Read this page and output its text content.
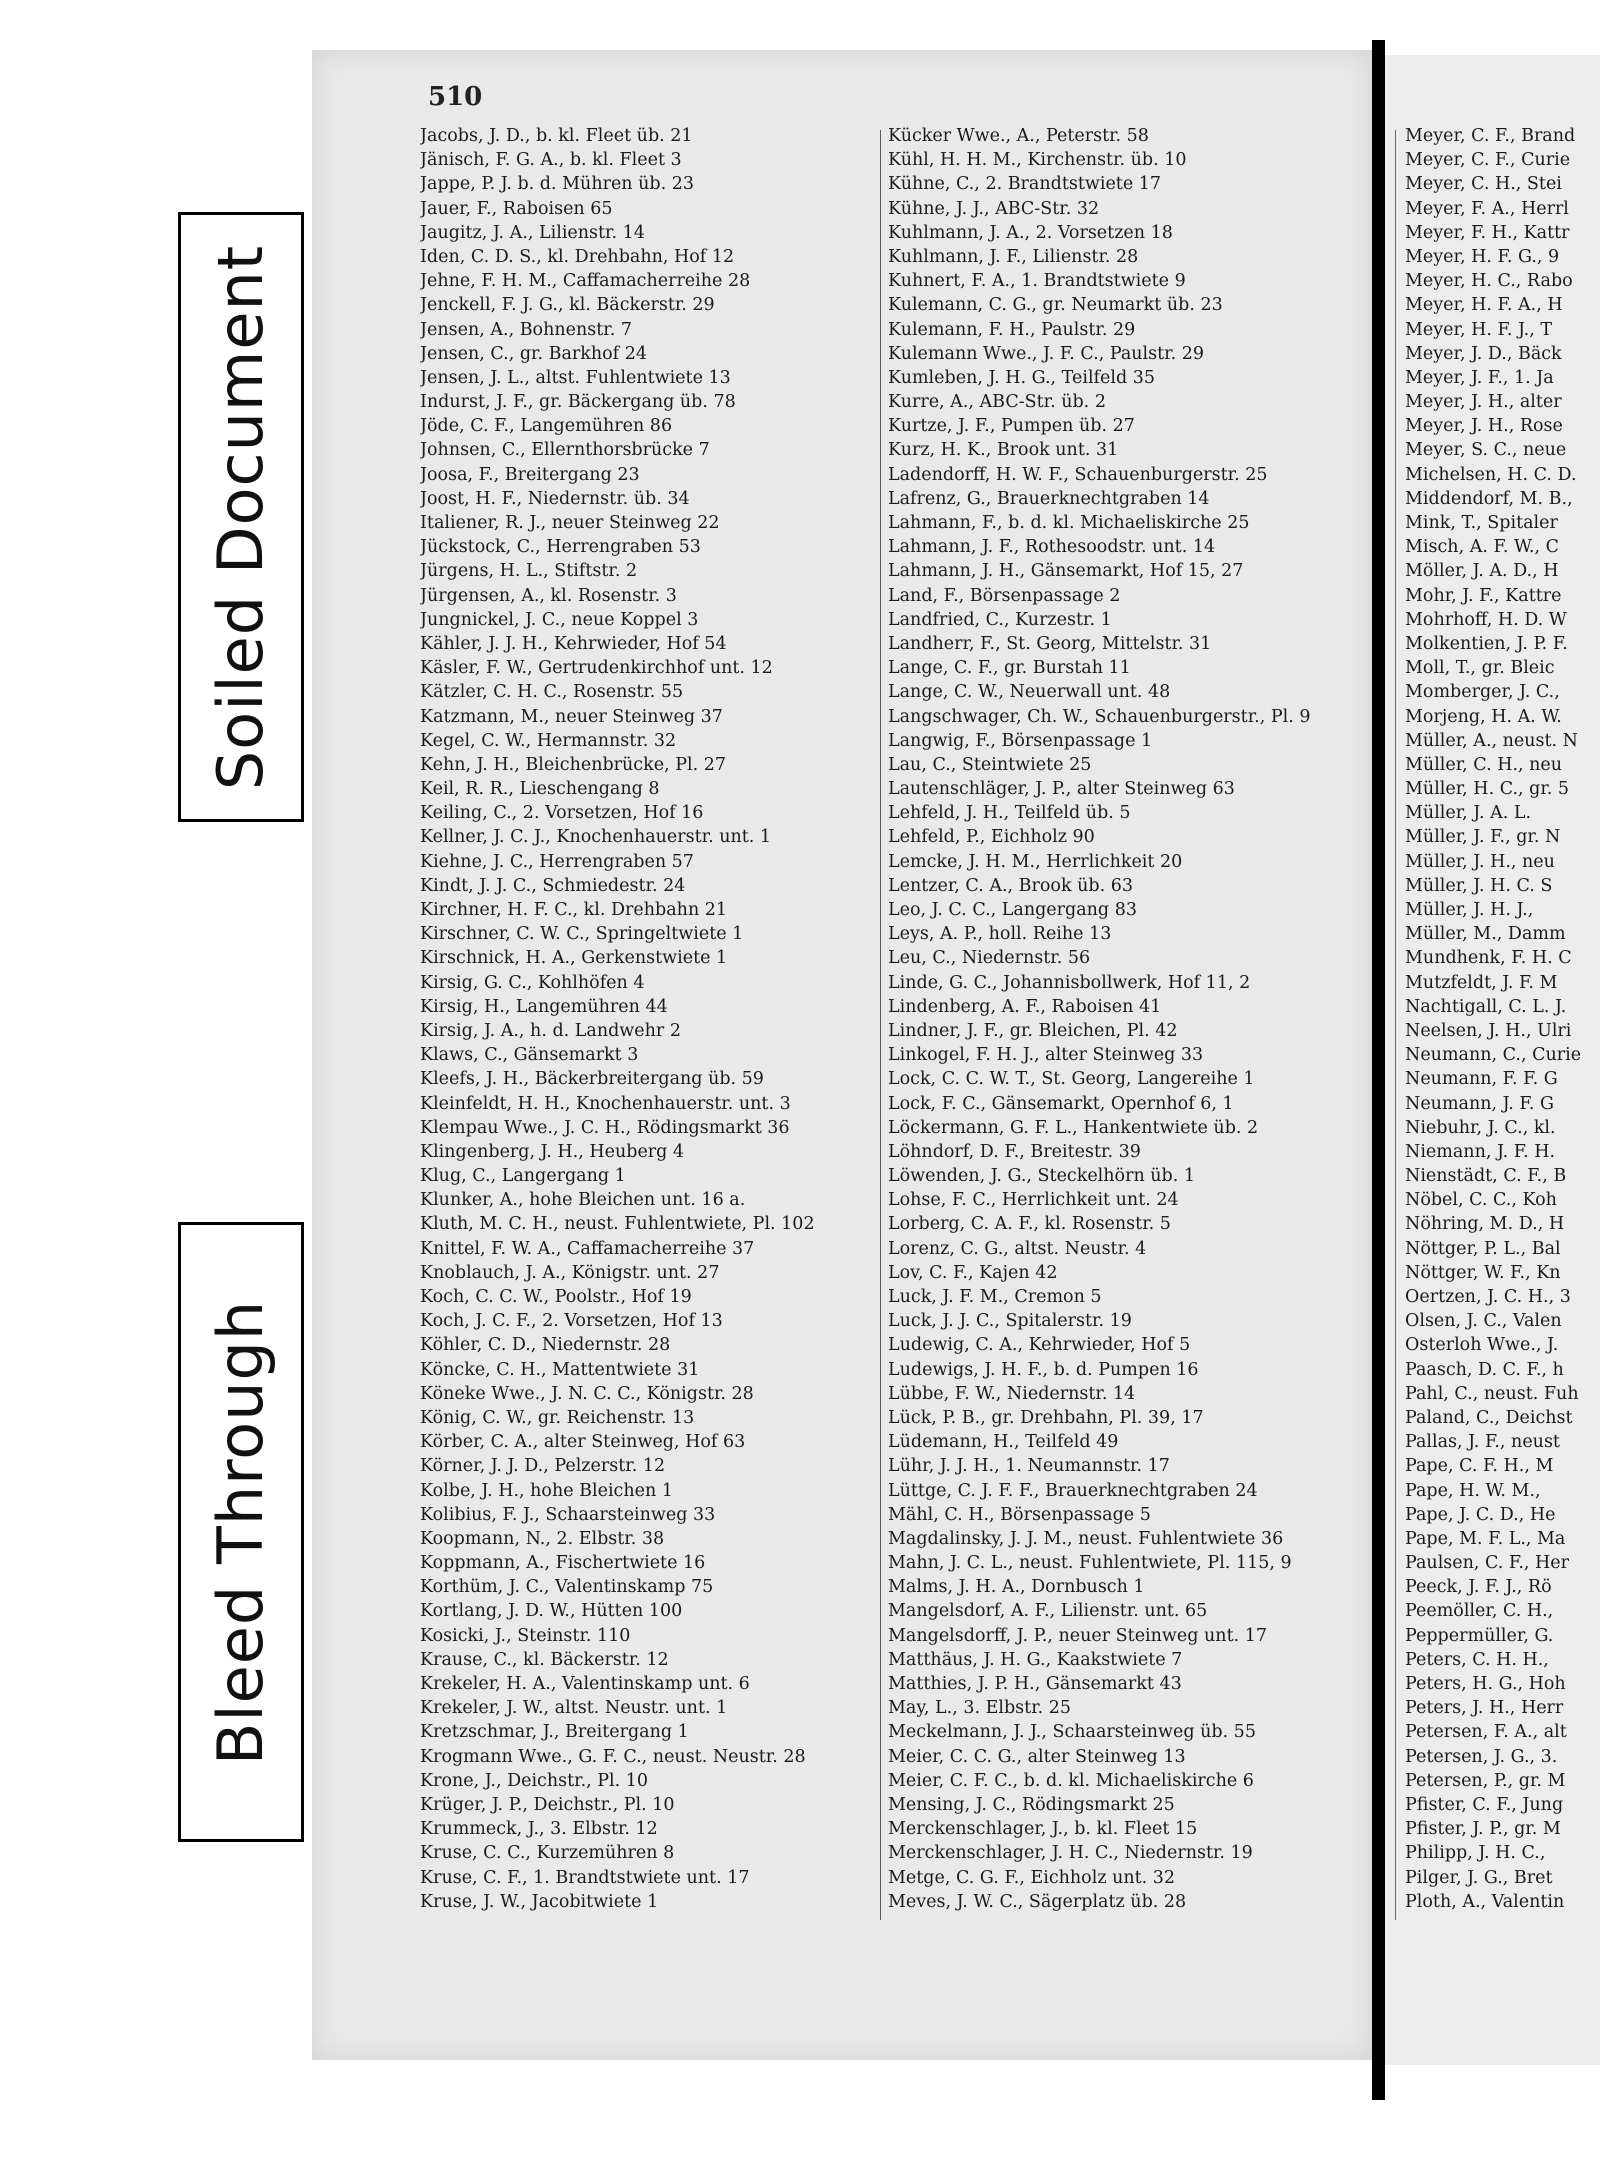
Soiled Document
Bleed Through
510
Jacobs, J. D., b. kl. Fleet üb. 21
Jänisch, F. G. A., b. kl. Fleet 3
Jappe, P. J. b. d. Mühren üb. 23
Jauer, F., Raboisen 65
Jaugitz, J. A., Lilienstr. 14
Iden, C. D. S., kl. Drehbahn, Hof 12
Jehne, F. H. M., Caffamacherreihe 28
Jenckell, F. J. G., kl. Bäckerstr. 29
Jensen, A., Bohnenstr. 7
Jensen, C., gr. Barkhof 24
Jensen, J. L., altst. Fuhlentwiete 13
Indurst, J. F., gr. Bäckergang üb. 78
Jöde, C. F., Langemühren 86
Johnsen, C., Ellernthorsbrücke 7
Joosa, F., Breitergang 23
Joost, H. F., Niedernstr. üb. 34
Italiener, R. J., neuer Steinweg 22
Jückstock, C., Herrengraben 53
Jürgens, H. L., Stiftstr. 2
Jürgensen, A., kl. Rosenstr. 3
Jungnickel, J. C., neue Koppel 3
Kähler, J. J. H., Kehrwieder, Hof 54
Käsler, F. W., Gertrudenkirchhof unt. 12
Kätzler, C. H. C., Rosenstr. 55
Katzmann, M., neuer Steinweg 37
Kegel, C. W., Hermannstr. 32
Kehn, J. H., Bleichenbrücke, Pl. 27
Keil, R. R., Lieschengang 8
Keiling, C., 2. Vorsetzen, Hof 16
Kellner, J. C. J., Knochenhauerstr. unt. 1
Kiehne, J. C., Herrengraben 57
Kindt, J. J. C., Schmiedestr. 24
Kirchner, H. F. C., kl. Drehbahn 21
Kirschner, C. W. C., Springeltwiete 1
Kirschnick, H. A., Gerkenstwiete 1
Kirsig, G. C., Kohlhöfen 4
Kirsig, H., Langemühren 44
Kirsig, J. A., h. d. Landwehr 2
Klaws, C., Gänsemarkt 3
Kleefs, J. H., Bäckerbreitergang üb. 59
Kleinfeldt, H. H., Knochenhauerstr. unt. 3
Klempau Wwe., J. C. H., Rödingsmarkt 36
Klingenberg, J. H., Heuberg 4
Klug, C., Langergang 1
Klunker, A., hohe Bleichen unt. 16 a.
Kluth, M. C. H., neust. Fuhlentwiete, Pl. 102
Knittel, F. W. A., Caffamacherreihe 37
Knoblauch, J. A., Königstr. unt. 27
Koch, C. C. W., Poolstr., Hof 19
Koch, J. C. F., 2. Vorsetzen, Hof 13
Köhler, C. D., Niedernstr. 28
Köncke, C. H., Mattentwiete 31
Köneke Wwe., J. N. C. C., Königstr. 28
König, C. W., gr. Reichenstr. 13
Körber, C. A., alter Steinweg, Hof 63
Körner, J. J. D., Pelzerstr. 12
Kolbe, J. H., hohe Bleichen 1
Kolibius, F. J., Schaarsteinweg 33
Koopmann, N., 2. Elbstr. 38
Koppmann, A., Fischertwiete 16
Korthüm, J. C., Valentinskamp 75
Kortlang, J. D. W., Hütten 100
Kosicki, J., Steinstr. 110
Krause, C., kl. Bäckerstr. 12
Krekeler, H. A., Valentinskamp unt. 6
Krekeler, J. W., altst. Neustr. unt. 1
Kretzschmar, J., Breitergang 1
Krogmann Wwe., G. F. C., neust. Neustr. 28
Krone, J., Deichstr., Pl. 10
Krüger, J. P., Deichstr., Pl. 10
Krummeck, J., 3. Elbstr. 12
Kruse, C. C., Kurzemühren 8
Kruse, C. F., 1. Brandtstwiete unt. 17
Kruse, J. W., Jacobitwiete 1
Kücker Wwe., A., Peterstr. 58
Kühl, H. H. M., Kirchenstr. üb. 10
Kühne, C., 2. Brandtstwiete 17
Kühne, J. J., ABC-Str. 32
Kuhlmann, J. A., 2. Vorsetzen 18
Kuhlmann, J. F., Lilienstr. 28
Kuhnert, F. A., 1. Brandtstwiete 9
Kulemann, C. G., gr. Neumarkt üb. 23
Kulemann, F. H., Paulstr. 29
Kulemann Wwe., J. F. C., Paulstr. 29
Kumleben, J. H. G., Teilfeld 35
Kurre, A., ABC-Str. üb. 2
Kurtze, J. F., Pumpen üb. 27
Kurz, H. K., Brook unt. 31
Ladendorff, H. W. F., Schauenburgerstr. 25
Lafrenz, G., Brauerknechtgraben 14
Lahmann, F., b. d. kl. Michaeliskirche 25
Lahmann, J. F., Rothesoodstr. unt. 14
Lahmann, J. H., Gänsemarkt, Hof 15, 27
Land, F., Börsenpassage 2
Landfried, C., Kurzestr. 1
Landherr, F., St. Georg, Mittelstr. 31
Lange, C. F., gr. Burstah 11
Lange, C. W., Neuerwall unt. 48
Langschwager, Ch. W., Schauenburgerstr., Pl. 9
Langwig, F., Börsenpassage 1
Lau, C., Steintwiete 25
Lautenschläger, J. P., alter Steinweg 63
Lehfeld, J. H., Teilfeld üb. 5
Lehfeld, P., Eichholz 90
Lemcke, J. H. M., Herrlichkeit 20
Lentzer, C. A., Brook üb. 63
Leo, J. C. C., Langergang 83
Leys, A. P., holl. Reihe 13
Leu, C., Niedernstr. 56
Linde, G. C., Johannisbollwerk, Hof 11, 2
Lindenberg, A. F., Raboisen 41
Lindner, J. F., gr. Bleichen, Pl. 42
Linkogel, F. H. J., alter Steinweg 33
Lock, C. C. W. T., St. Georg, Langereihe 1
Lock, F. C., Gänsemarkt, Opernhof 6, 1
Löckermann, G. F. L., Hankentwiete üb. 2
Löhndorf, D. F., Breitestr. 39
Löwenden, J. G., Steckelhörn üb. 1
Lohse, F. C., Herrlichkeit unt. 24
Lorberg, C. A. F., kl. Rosenstr. 5
Lorenz, C. G., altst. Neustr. 4
Lov, C. F., Kajen 42
Luck, J. F. M., Cremon 5
Luck, J. J. C., Spitalerstr. 19
Ludewig, C. A., Kehrwieder, Hof 5
Ludewigs, J. H. F., b. d. Pumpen 16
Lübbe, F. W., Niedernstr. 14
Lück, P. B., gr. Drehbahn, Pl. 39, 17
Lüdemann, H., Teilfeld 49
Lühr, J. J. H., 1. Neumannstr. 17
Lüttge, C. J. F. F., Brauerknechtgraben 24
Mähl, C. H., Börsenpassage 5
Magdalinsky, J. J. M., neust. Fuhlentwiete 36
Mahn, J. C. L., neust. Fuhlentwiete, Pl. 115, 9
Malms, J. H. A., Dornbusch 1
Mangelsdorf, A. F., Lilienstr. unt. 65
Mangelsdorff, J. P., neuer Steinweg unt. 17
Matthäus, J. H. G., Kaakstwiete 7
Matthies, J. P. H., Gänsemarkt 43
May, L., 3. Elbstr. 25
Meckelmann, J. J., Schaarsteinweg üb. 55
Meier, C. C. G., alter Steinweg 13
Meier, C. F. C., b. d. kl. Michaeliskirche 6
Mensing, J. C., Rödingsmarkt 25
Merckenschlager, J., b. kl. Fleet 15
Merckenschlager, J. H. C., Niedernstr. 19
Metge, C. G. F., Eichholz unt. 32
Meves, J. W. C., Sägerplatz üb. 28
Meyer, C. F., Brand
Meyer, C. F., Curie
Meyer, C. H., Stei
Meyer, F. A., Herrl
Meyer, F. H., Kattr
Meyer, H. F. G., 9
Meyer, H. C., Rabo
Meyer, H. F. A., H
Meyer, H. F. J., T
Meyer, J. D., Bäck
Meyer, J. F., 1. Ja
Meyer, J. H., alter
Meyer, J. H., Rose
Meyer, S. C., neue
Michelsen, H. C. D.
Middendorf, M. B.,
Mink, T., Spitaler
Misch, A. F. W., C
Möller, J. A. D., H
Mohr, J. F., Kattre
Mohrhoff, H. D. W
Molkentien, J. P. F.
Moll, T., gr. Bleic
Momberger, J. C.,
Morjeng, H. A. W.
Müller, A., neust. N
Müller, C. H., neu
Müller, H. C., gr. 5
Müller, J. A. L.
Müller, J. F., gr. N
Müller, J. H., neu
Müller, J. H. C. S
Müller, J. H. J.,
Müller, M., Damm
Mundhenk, F. H. C
Mutzfeldt, J. F. M
Nachtigall, C. L. J.
Neelsen, J. H., Ulri
Neumann, C., Curie
Neumann, F. F. G
Neumann, J. F. G
Niebuhr, J. C., kl.
Niemann, J. F. H.
Nienstädt, C. F., B
Nöbel, C. C., Koh
Nöhring, M. D., H
Nöttger, P. L., Bal
Nöttger, W. F., Kn
Oertzen, J. C. H., 3
Olsen, J. C., Valen
Osterloh Wwe., J.
Paasch, D. C. F., h
Pahl, C., neust. Fuh
Paland, C., Deichst
Pallas, J. F., neust
Pape, C. F. H., M
Pape, H. W. M.,
Pape, J. C. D., He
Pape, M. F. L., Ma
Paulsen, C. F., Her
Peeck, J. F. J., Rö
Peemöller, C. H.,
Peppermüller, G.
Peters, C. H. H.,
Peters, H. G., Hoh
Peters, J. H., Herr
Petersen, F. A., alt
Petersen, J. G., 3.
Petersen, P., gr. M
Pfister, C. F., Jung
Pfister, J. P., gr. M
Philipp, J. H. C.,
Pilger, J. G., Bret
Ploth, A., Valentin
